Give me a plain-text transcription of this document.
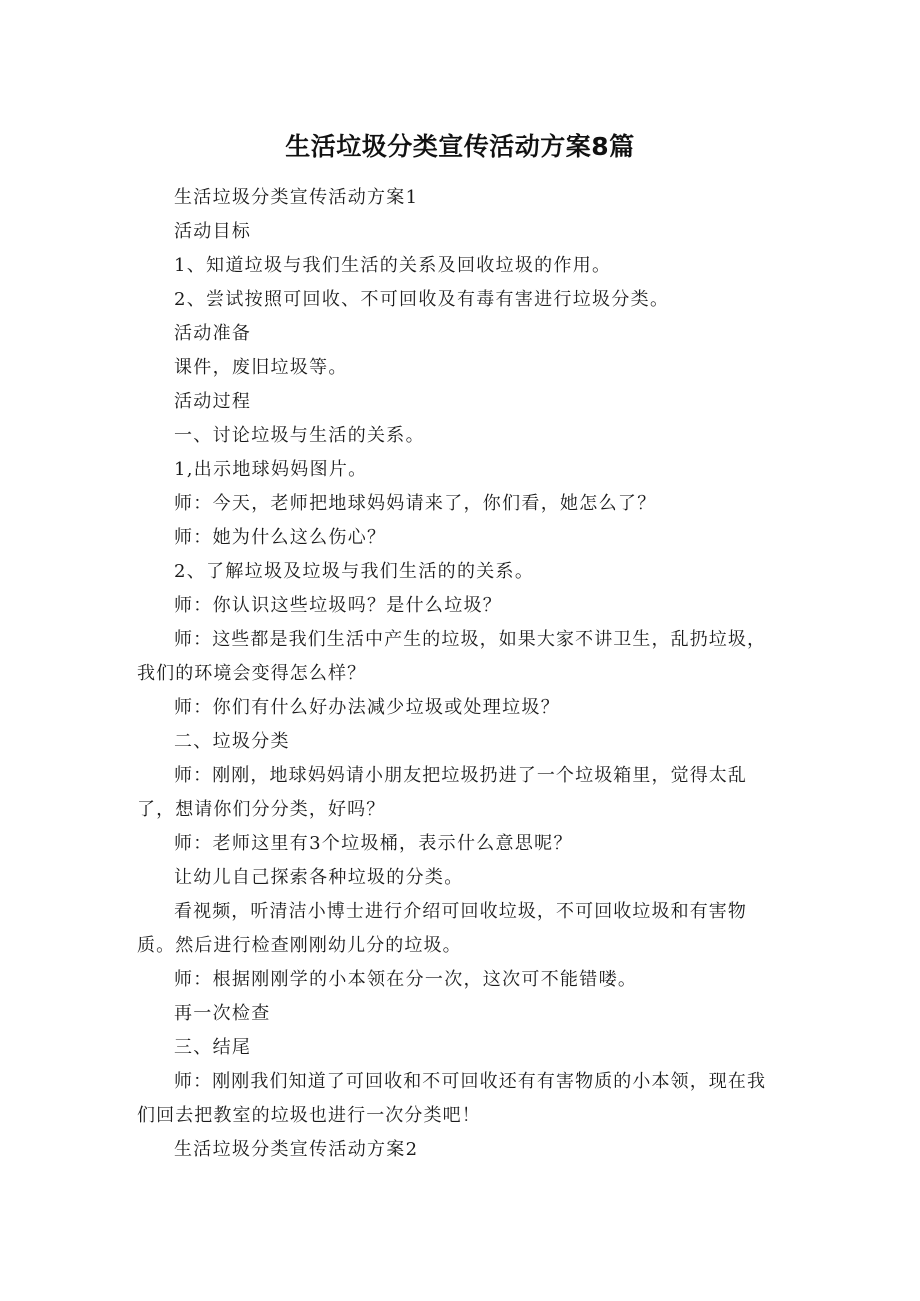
生活垃圾分类宣传活动方案8篇

生活垃圾分类宣传活动方案1

活动目标

1、知道垃圾与我们生活的关系及回收垃圾的作用。

2、尝试按照可回收、不可回收及有毒有害进行垃圾分类。

活动准备

课件，废旧垃圾等。

活动过程

一、讨论垃圾与生活的关系。

1,出示地球妈妈图片。

师：今天，老师把地球妈妈请来了，你们看，她怎么了？

师：她为什么这么伤心？

2、了解垃圾及垃圾与我们生活的的关系。

师：你认识这些垃圾吗？是什么垃圾？

师：这些都是我们生活中产生的垃圾，如果大家不讲卫生，乱扔垃圾，我们的环境会变得怎么样？

师：你们有什么好办法减少垃圾或处理垃圾？

二、垃圾分类

师：刚刚，地球妈妈请小朋友把垃圾扔进了一个垃圾箱里，觉得太乱了，想请你们分分类，好吗？

师：老师这里有3个垃圾桶，表示什么意思呢？

让幼儿自己探索各种垃圾的分类。

看视频，听清洁小博士进行介绍可回收垃圾，不可回收垃圾和有害物质。然后进行检查刚刚幼儿分的垃圾。

师：根据刚刚学的小本领在分一次，这次可不能错喽。

再一次检查

三、结尾

师：刚刚我们知道了可回收和不可回收还有有害物质的小本领，现在我们回去把教室的垃圾也进行一次分类吧！

生活垃圾分类宣传活动方案2
